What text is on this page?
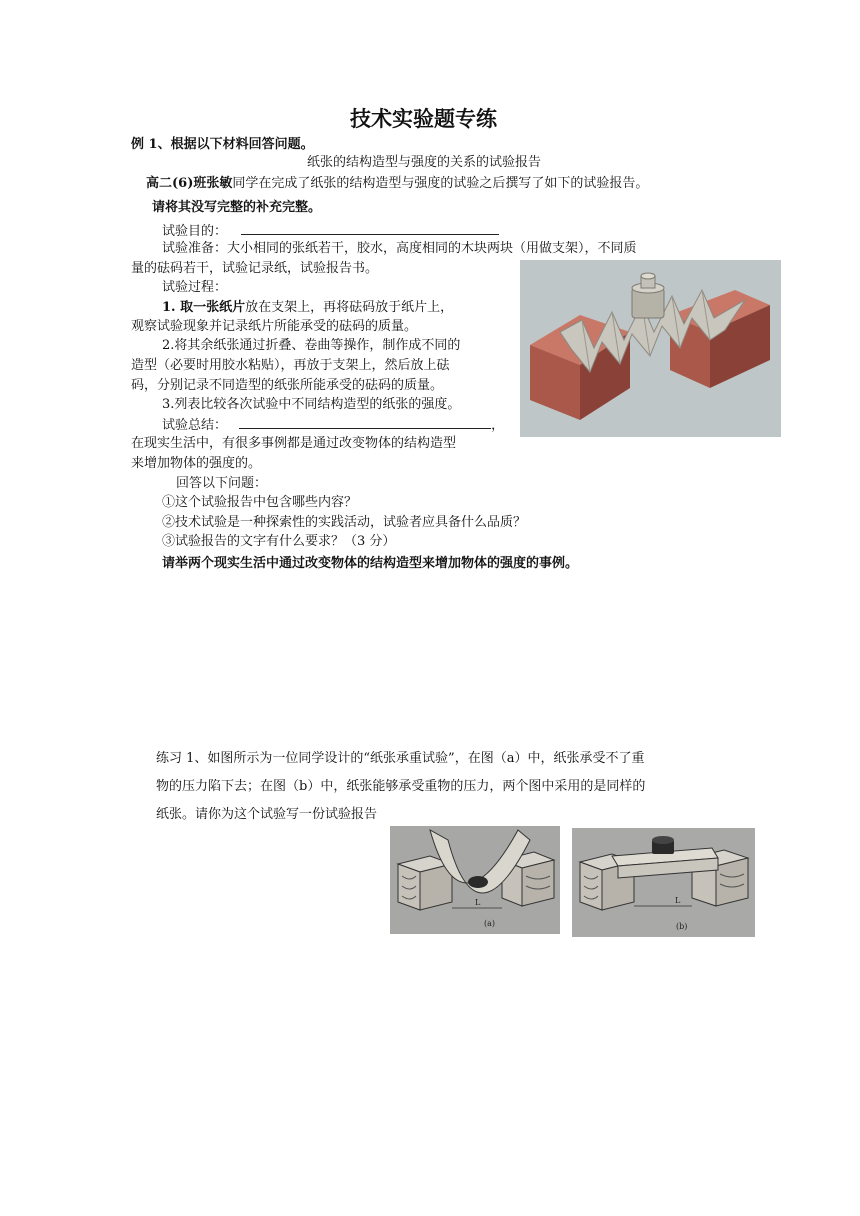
技术实验题专练
例 1、根据以下材料回答问题。
纸张的结构造型与强度的关系的试验报告
高二(6)班张敏同学在完成了纸张的结构造型与强度的试验之后撰写了如下的试验报告。
请将其没写完整的补充完整。
试验目的：
试验准备：大小相同的张纸若干，胶水，高度相同的木块两块（用做支架），不同质
量的砝码若干，试验记录纸，试验报告书。
试验过程：
1. 取一张纸片放在支架上，再将砝码放于纸片上，
观察试验现象并记录纸片所能承受的砝码的质量。
2.将其余纸张通过折叠、卷曲等操作，制作成不同的
造型（必要时用胶水粘贴），再放于支架上，然后放上砝
码，分别记录不同造型的纸张所能承受的砝码的质量。
3.列表比较各次试验中不同结构造型的纸张的强度。
试验总结：	，
在现实生活中，有很多事例都是通过改变物体的结构造型
来增加物体的强度的。
回答以下问题：
①这个试验报告中包含哪些内容？
②技术试验是一种探索性的实践活动，试验者应具备什么品质？
③试验报告的文字有什么要求？（3 分）
请举两个现实生活中通过改变物体的结构造型来增加物体的强度的事例。
练习 1、如图所示为一位同学设计的“纸张承重试验”，在图（a）中，纸张承受不了重
物的压力陷下去；在图（b）中，纸张能够承受重物的压力，两个图中采用的是同样的
纸张。请你为这个试验写一份试验报告
L
(a)
L
(b)
